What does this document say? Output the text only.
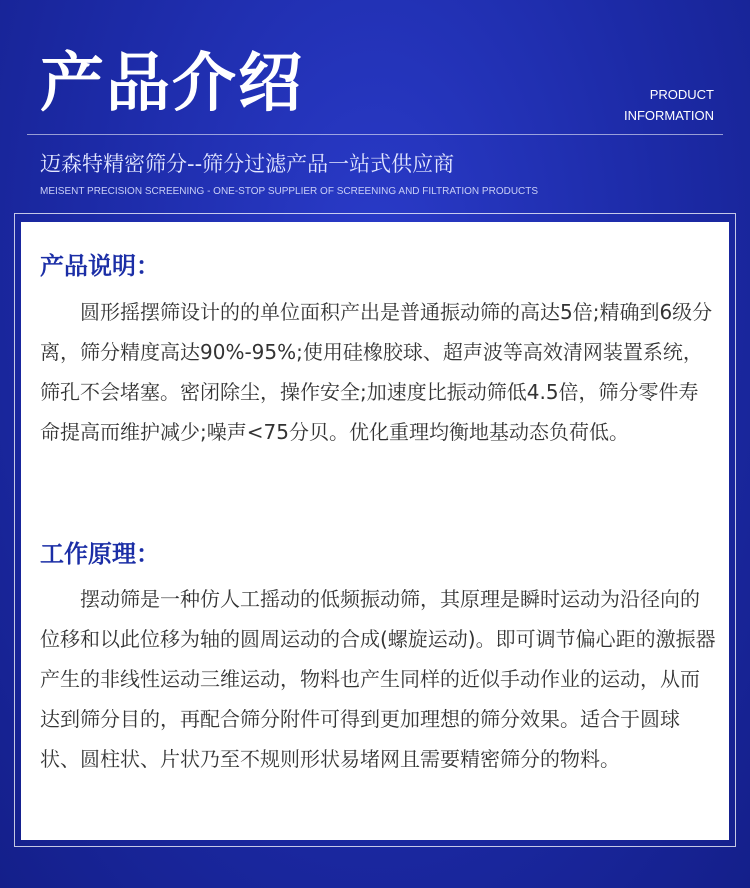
产品介绍	PRODUCT
INFORMATION
迈森特精密筛分--筛分过滤产品一站式供应商
MEISENT PRECISION SCREENING - ONE-STOP SUPPLIER OF SCREENING AND FILTRATION PRODUCTS
产品说明：

圆形摇摆筛设计的的单位面积产出是普通振动筛的高达5倍;精确到6级分离，筛分精度高达90%-95%;使用硅橡胶球、超声波等高效清网装置系统，筛孔不会堵塞。密闭除尘，操作安全;加速度比振动筛低4.5倍，筛分零件寿命提高而维护减少;噪声<75分贝。优化重理均衡地基动态负荷低。

工作原理：

摆动筛是一种仿人工摇动的低频振动筛，其原理是瞬时运动为沿径向的位移和以此位移为轴的圆周运动的合成(螺旋运动)。即可调节偏心距的激振器产生的非线性运动三维运动，物料也产生同样的近似手动作业的运动，从而达到筛分目的，再配合筛分附件可得到更加理想的筛分效果。适合于圆球状、圆柱状、片状乃至不规则形状易堵网且需要精密筛分的物料。
